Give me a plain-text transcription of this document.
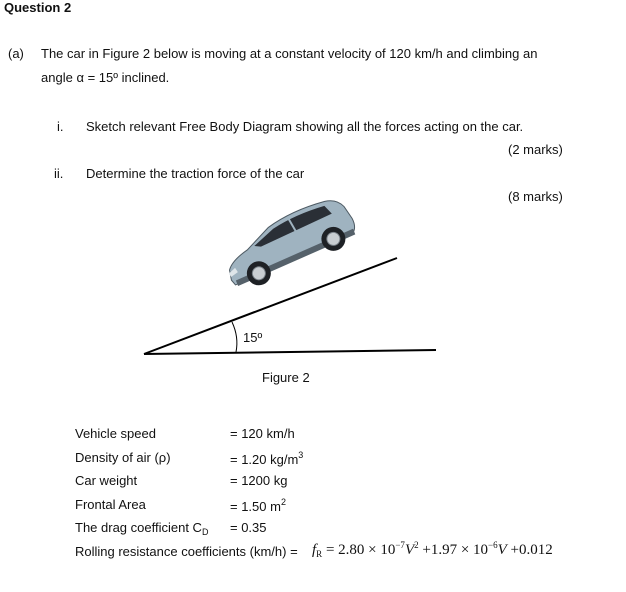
Question 2
(a) The car in Figure 2 below is moving at a constant velocity of 120 km/h and climbing an
angle α = 15º inclined.
i. Sketch relevant Free Body Diagram showing all the forces acting on the car.
(2 marks)
ii. Determine the traction force of the car
(8 marks)
15º
Figure 2
Vehicle speed	= 120 km/h
Density of air (ρ)	= 1.20 $kg/m^3$
Car weight	= 1200 kg
Frontal Area	= 1.50 $m^2$
The drag coefficient $C_D = 0.35$
Rolling resistance coefficients $(km/h) = f_R = 2.80 \times 10^{-7}V^2 +1.97 \times 10^{-6}V +0.012$
